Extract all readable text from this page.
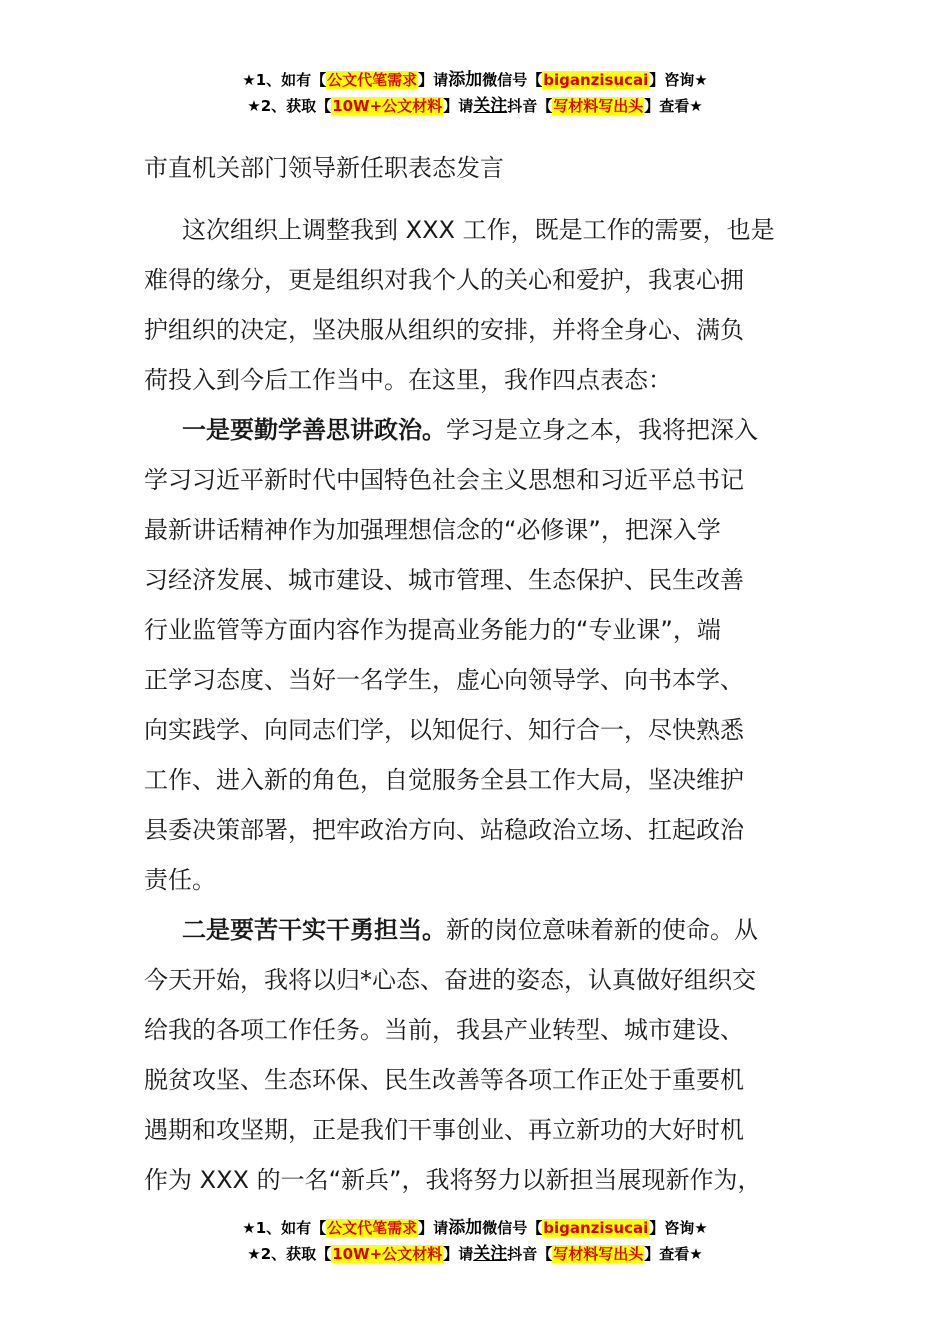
★1、如有【公文代笔需求】请添加微信号【biganzisucai】咨询★
★2、获取【10W+公文材料】请关注抖音【写材料写出头】查看★
市直机关部门领导新任职表态发言
这次组织上调整我到 XXX 工作，既是工作的需要，也是
难得的缘分，更是组织对我个人的关心和爱护，我衷心拥
护组织的决定，坚决服从组织的安排，并将全身心、满负
荷投入到今后工作当中。在这里，我作四点表态：
一是要勤学善思讲政治。学习是立身之本，我将把深入
学习习近平新时代中国特色社会主义思想和习近平总书记
最新讲话精神作为加强理想信念的“必修课”，把深入学
习经济发展、城市建设、城市管理、生态保护、民生改善
行业监管等方面内容作为提高业务能力的“专业课”，端
正学习态度、当好一名学生，虚心向领导学、向书本学、
向实践学、向同志们学，以知促行、知行合一，尽快熟悉
工作、进入新的角色，自觉服务全县工作大局，坚决维护
县委决策部署，把牢政治方向、站稳政治立场、扛起政治
责任。
二是要苦干实干勇担当。新的岗位意味着新的使命。从
今天开始，我将以归*心态、奋进的姿态，认真做好组织交
给我的各项工作任务。当前，我县产业转型、城市建设、
脱贫攻坚、生态环保、民生改善等各项工作正处于重要机
遇期和攻坚期，正是我们干事创业、再立新功的大好时机
作为 XXX 的一名“新兵”，我将努力以新担当展现新作为，
★1、如有【公文代笔需求】请添加微信号【biganzisucai】咨询★
★2、获取【10W+公文材料】请关注抖音【写材料写出头】查看★
